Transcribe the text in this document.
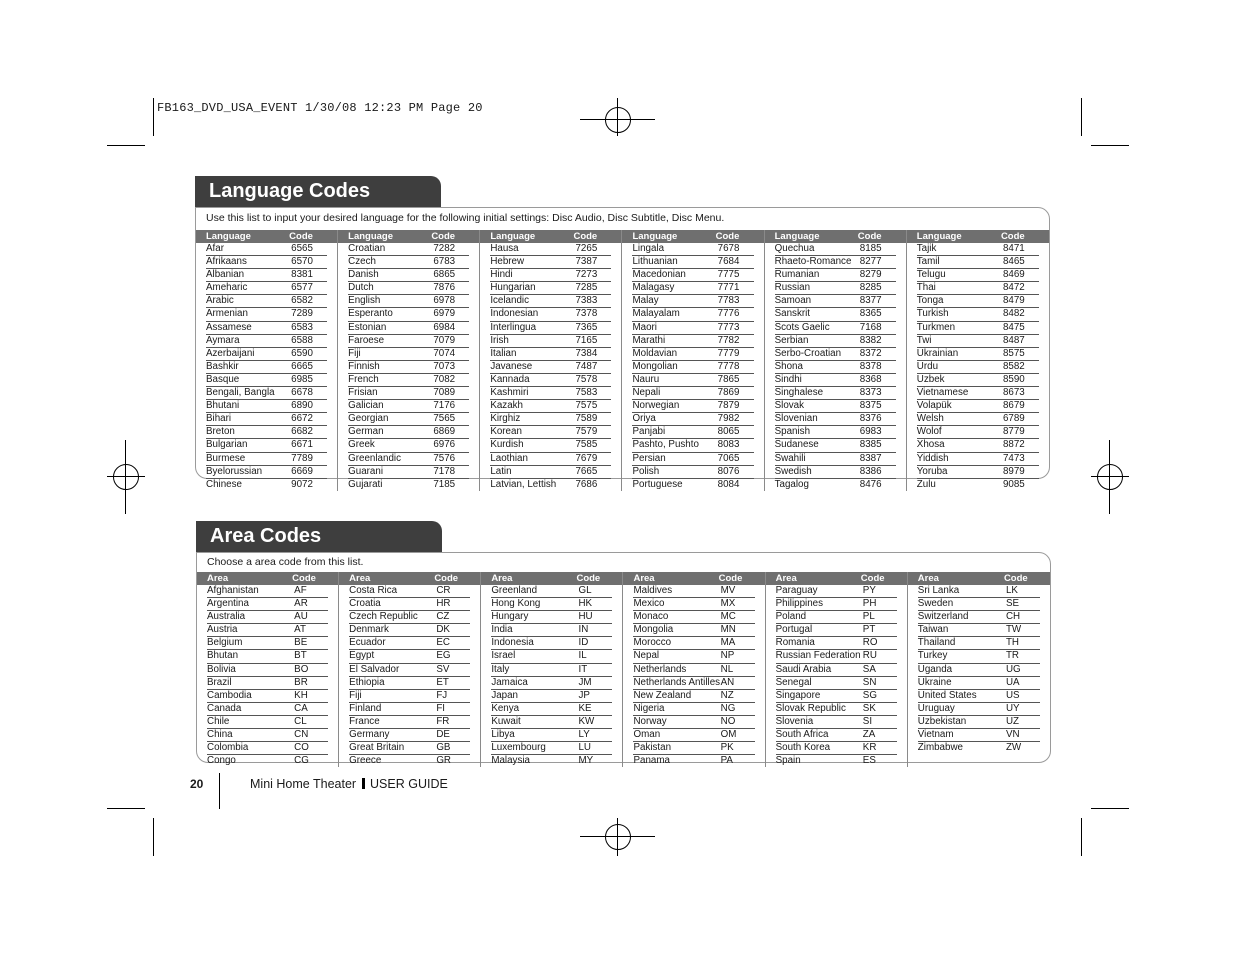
FB163_DVD_USA_EVENT 1/30/08 12:23 PM Page 20
Language Codes
Use this list to input your desired language for the following initial settings: Disc Audio, Disc Subtitle, Disc Menu.
Language	Code
Afar	6565
Afrikaans	6570
Albanian	8381
Ameharic	6577
Arabic	6582
Armenian	7289
Assamese	6583
Aymara	6588
Azerbaijani	6590
Bashkir	6665
Basque	6985
Bengali, Bangla 6678
Bhutani	6890
Bihari	6672
Breton	6682
Bulgarian	6671
Burmese	7789
Byelorussian	6669
Chinese	9072
Language	Code
Croatian	7282
Czech	6783
Danish	6865
Dutch	7876
English	6978
Esperanto	6979
Estonian	6984
Faroese	7079
Fiji	7074
Finnish	7073
French	7082
Frisian	7089
Galician	7176
Georgian	7565
German	6869
Greek	6976
Greenlandic	7576
Guarani	7178
Gujarati	7185
Language	Code
Hausa	7265
Hebrew	7387
Hindi	7273
Hungarian	7285
Icelandic	7383
Indonesian	7378
Interlingua	7365
Irish	7165
Italian	7384
Javanese	7487
Kannada	7578
Kashmiri	7583
Kazakh	7575
Kirghiz	7589
Korean	7579
Kurdish	7585
Laothian	7679
Latin	7665
Latvian, Lettish 7686
Language	Code
Lingala	7678
Lithuanian	7684
Macedonian	7775
Malagasy	7771
Malay	7783
Malayalam	7776
Maori	7773
Marathi	7782
Moldavian	7779
Mongolian	7778
Nauru	7865
Nepali	7869
Norwegian	7879
Oriya	7982
Panjabi	8065
Pashto, Pushto 8083
Persian	7065
Polish	8076
Portuguese	8084
Language	Code
Quechua	8185
Rhaeto-Romance 8277
Rumanian	8279
Russian	8285
Samoan	8377
Sanskrit	8365
Scots Gaelic	7168
Serbian	8382
Serbo-Croatian 8372
Shona	8378
Sindhi	8368
Singhalese	8373
Slovak	8375
Slovenian	8376
Spanish	6983
Sudanese	8385
Swahili	8387
Swedish	8386
Tagalog	8476
Language	Code
Tajik	8471
Tamil	8465
Telugu	8469
Thai	8472
Tonga	8479
Turkish	8482
Turkmen	8475
Twi	8487
Ukrainian	8575
Urdu	8582
Uzbek	8590
Vietnamese	8673
Volapük	8679
Welsh	6789
Wolof	8779
Xhosa	8872
Yiddish	7473
Yoruba	8979
Zulu	9085
Area Codes
Choose a area code from this list.
Area	Code
Afghanistan	AF
Argentina	AR
Australia	AU
Austria	AT
Belgium	BE
Bhutan	BT
Bolivia	BO
Brazil	BR
Cambodia	KH
Canada	CA
Chile	CL
China	CN
Colombia	CO
Congo	CG
Area	Code
Costa Rica	CR
Croatia	HR
Czech Republic CZ
Denmark	DK
Ecuador	EC
Egypt	EG
El Salvador	SV
Ethiopia	ET
Fiji	FJ
Finland	FI
France	FR
Germany	DE
Great Britain	GB
Greece	GR
Area	Code
Greenland	GL
Hong Kong	HK
Hungary	HU
India	IN
Indonesia	ID
Israel	IL
Italy	IT
Jamaica	JM
Japan	JP
Kenya	KE
Kuwait	KW
Libya	LY
Luxembourg	LU
Malaysia	MY
Area	Code
Maldives	MV
Mexico	MX
Monaco	MC
Mongolia	MN
Morocco	MA
Nepal	NP
Netherlands	NL
Netherlands Antilles AN
New Zealand	NZ
Nigeria	NG
Norway	NO
Oman	OM
Pakistan	PK
Panama	PA
Area	Code
Paraguay	PY
Philippines	PH
Poland	PL
Portugal	PT
Romania	RO
Russian Federation RU
Saudi Arabia	SA
Senegal	SN
Singapore	SG
Slovak Republic SK
Slovenia	SI
South Africa	ZA
South Korea	KR
Spain	ES
Area	Code
Sri Lanka	LK
Sweden	SE
Switzerland	CH
Taiwan	TW
Thailand	TH
Turkey	TR
Uganda	UG
Ukraine	UA
United States	US
Uruguay	UY
Uzbekistan	UZ
Vietnam	VN
Zimbabwe	ZW
20	Mini Home Theater USER GUIDE
